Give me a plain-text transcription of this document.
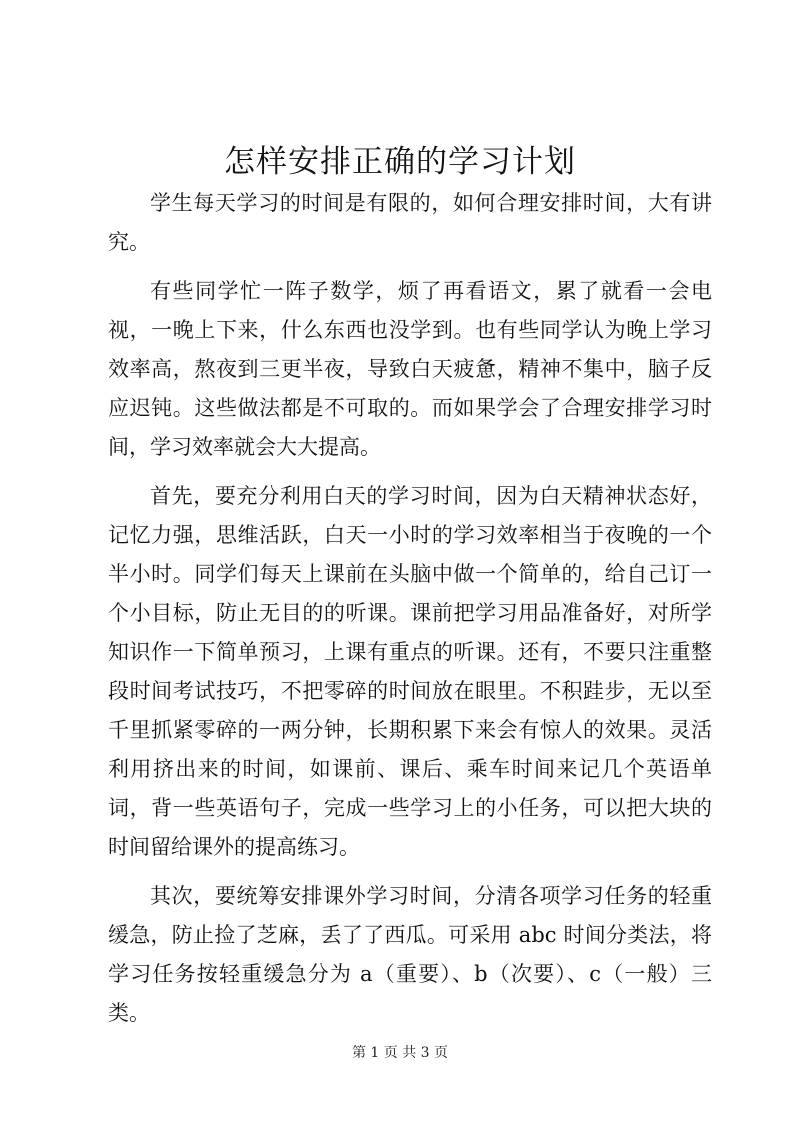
怎样安排正确的学习计划

学生每天学习的时间是有限的，如何合理安排时间，大有讲究。

有些同学忙一阵子数学，烦了再看语文，累了就看一会电视，一晚上下来，什么东西也没学到。也有些同学认为晚上学习效率高，熬夜到三更半夜，导致白天疲惫，精神不集中，脑子反应迟钝。这些做法都是不可取的。而如果学会了合理安排学习时间，学习效率就会大大提高。

首先，要充分利用白天的学习时间，因为白天精神状态好，记忆力强，思维活跃，白天一小时的学习效率相当于夜晚的一个半小时。同学们每天上课前在头脑中做一个简单的，给自己订一个小目标，防止无目的的听课。课前把学习用品准备好，对所学知识作一下简单预习，上课有重点的听课。还有，不要只注重整段时间考试技巧，不把零碎的时间放在眼里。不积跬步，无以至千里抓紧零碎的一两分钟，长期积累下来会有惊人的效果。灵活利用挤出来的时间，如课前、课后、乘车时间来记几个英语单词，背一些英语句子，完成一些学习上的小任务，可以把大块的时间留给课外的提高练习。

其次，要统筹安排课外学习时间，分清各项学习任务的轻重缓急，防止捡了芝麻，丢了了西瓜。可采用 abc 时间分类法，将学习任务按轻重缓急分为 a（重要）、b（次要）、c（一般）三类。

第 1 页 共 3 页
